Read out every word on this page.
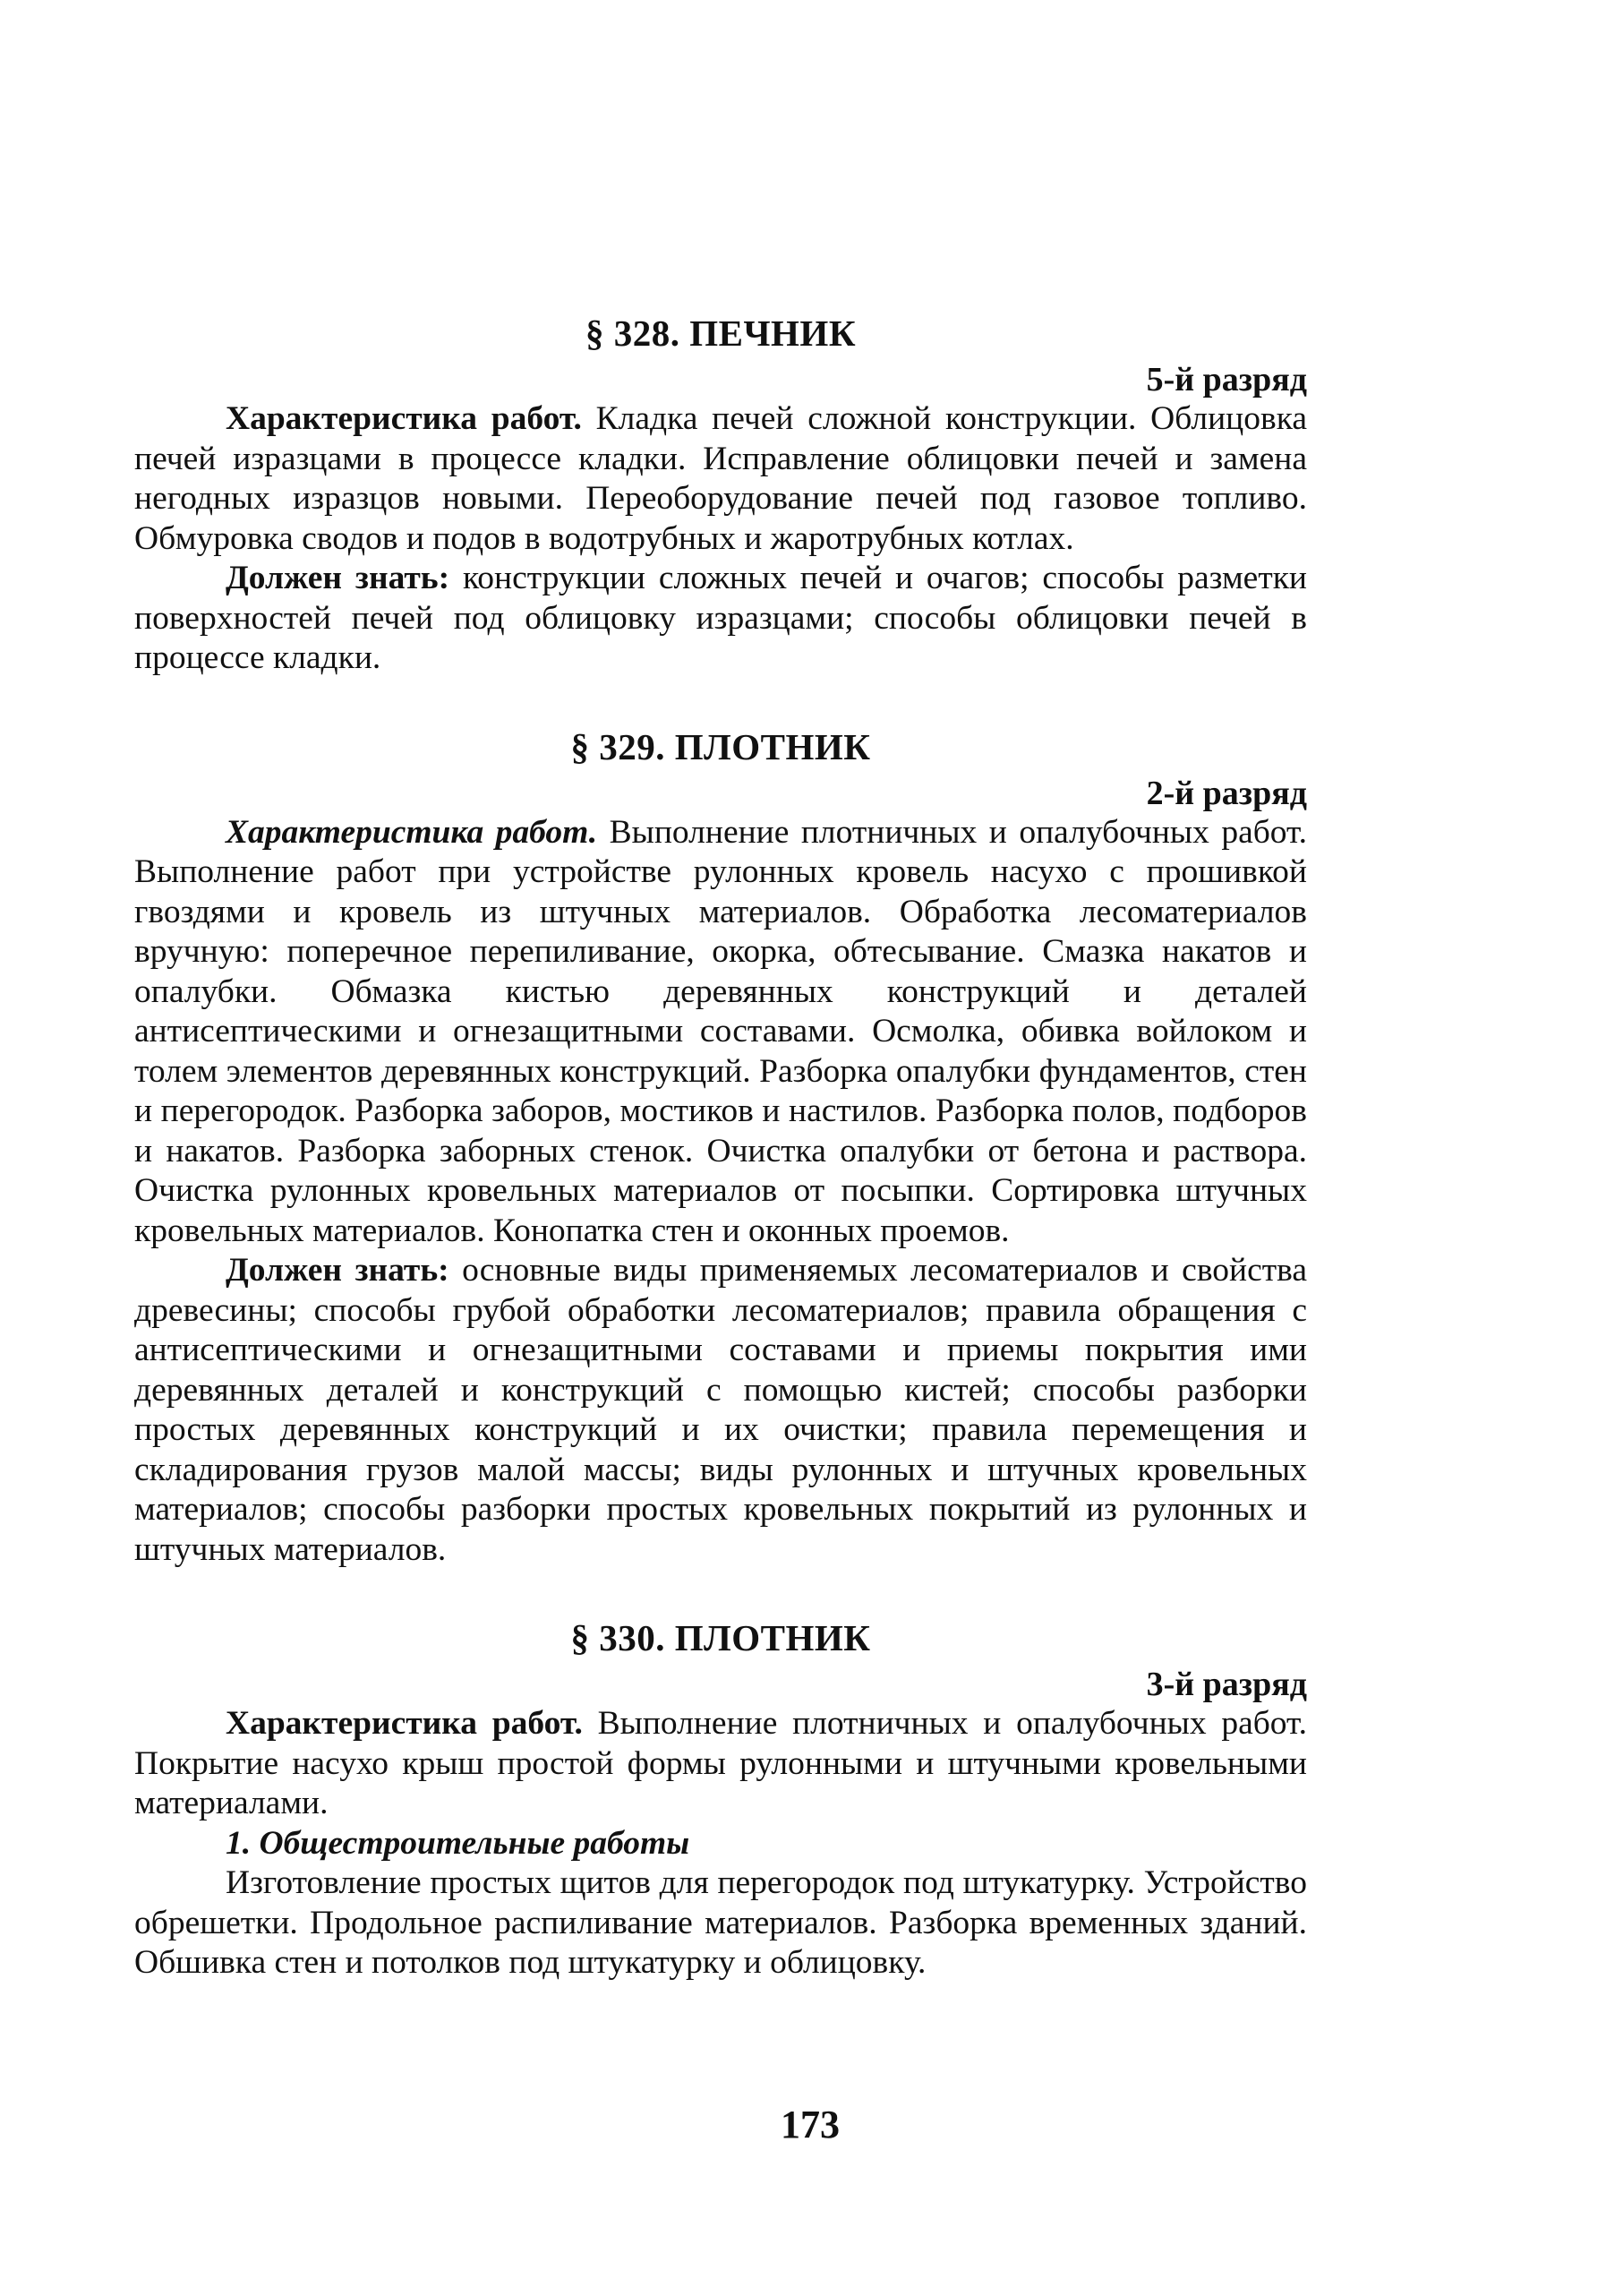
§ 328. ПЕЧНИК
5-й разряд

Характеристика работ. Кладка печей сложной конструкции. Облицовка печей изразцами в процессе кладки. Исправление облицовки печей и замена негодных изразцов новыми. Переоборудование печей под газовое топливо. Обмуровка сводов и подов в водотрубных и жаротрубных котлах.

Должен знать: конструкции сложных печей и очагов; способы разметки поверхностей печей под облицовку изразцами; способы облицовки печей в процессе кладки.

§ 329. ПЛОТНИК
2-й разряд

Характеристика работ. Выполнение плотничных и опалубочных работ. Выполнение работ при устройстве рулонных кровель насухо с прошивкой гвоздями и кровель из штучных материалов. Обработка лесоматериалов вручную: поперечное перепиливание, окорка, обтесывание. Смазка накатов и опалубки. Обмазка кистью деревянных конструкций и деталей антисептическими и огнезащитными составами. Осмолка, обивка войлоком и толем элементов деревянных конструкций. Разборка опалубки фундаментов, стен и перегородок. Разборка заборов, мостиков и настилов. Разборка полов, подборов и накатов. Разборка заборных стенок. Очистка опалубки от бетона и раствора. Очистка рулонных кровельных материалов от посыпки. Сортировка штучных кровельных материалов. Конопатка стен и оконных проемов.

Должен знать: основные виды применяемых лесоматериалов и свойства древесины; способы грубой обработки лесоматериалов; правила обращения с антисептическими и огнезащитными составами и приемы покрытия ими деревянных деталей и конструкций с помощью кистей; способы разборки простых деревянных конструкций и их очистки; правила перемещения и складирования грузов малой массы; виды рулонных и штучных кровельных материалов; способы разборки простых кровельных покрытий из рулонных и штучных материалов.

§ 330. ПЛОТНИК
3-й разряд

Характеристика работ. Выполнение плотничных и опалубочных работ. Покрытие насухо крыш простой формы рулонными и штучными кровельными материалами.

1. Общестроительные работы

Изготовление простых щитов для перегородок под штукатурку. Устройство обрешетки. Продольное распиливание материалов. Разборка временных зданий. Обшивка стен и потолков под штукатурку и облицовку.

173
